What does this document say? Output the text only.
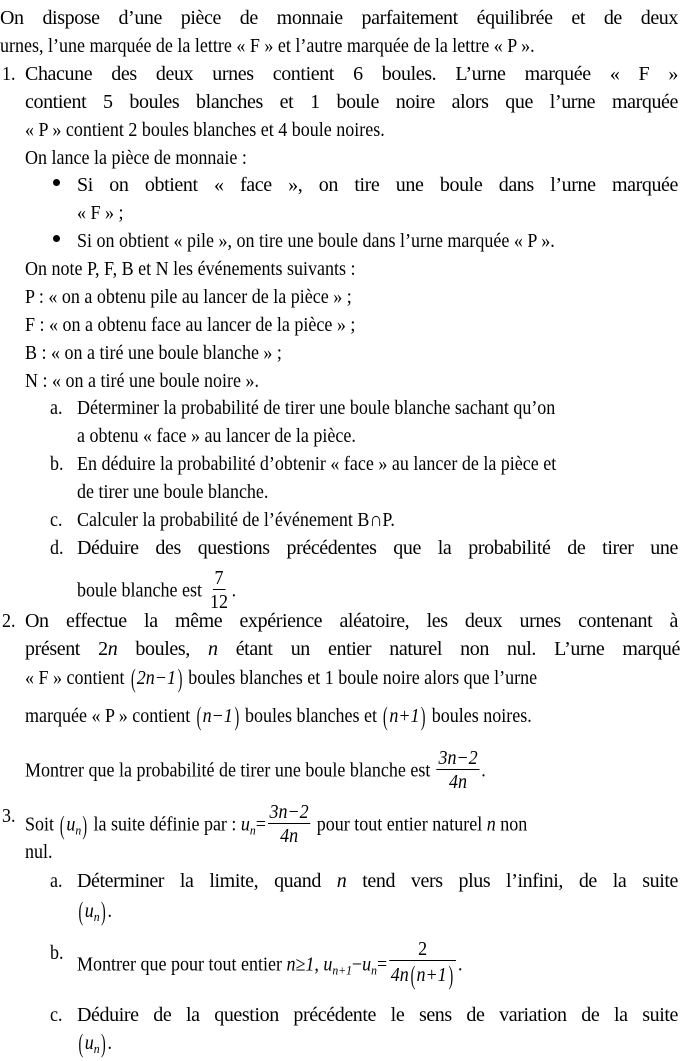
On dispose d’une pièce de monnaie parfaitement équilibrée et de deux
urnes, l’une marquée de la lettre « F » et l’autre marquée de la lettre « P ».
1. Chacune des deux urnes contient 6 boules. L’urne marquée « F »
contient 5 boules blanches et 1 boule noire alors que l’urne marquée
« P » contient 2 boules blanches et 4 boule noires.
On lance la pièce de monnaie :
Si on obtient « face », on tire une boule dans l’urne marquée
« F » ;
Si on obtient « pile », on tire une boule dans l’urne marquée « P ».
On note P, F, B et N les événements suivants :
P : « on a obtenu pile au lancer de la pièce » ;
F : « on a obtenu face au lancer de la pièce » ;
B : « on a tiré une boule blanche » ;
N : « on a tiré une boule noire ».
a. Déterminer la probabilité de tirer une boule blanche sachant qu’on
a obtenu « face » au lancer de la pièce.
b. En déduire la probabilité d’obtenir « face » au lancer de la pièce et
de tirer une boule blanche.
c. Calculer la probabilité de l’événement B∩P.
d. Déduire des questions précédentes que la probabilité de tirer une
boule blanche est $\frac{7}{12}$ .
2. On effectue la même expérience aléatoire, les deux urnes contenant à
présent 2n boules, n étant un entier naturel non nul. L’urne marqué
« F » contient (2n−1) boules blanches et 1 boule noire alors que l’urne
marquée « P » contient (n−1) boules blanches et (n+1) boules noires.
Montrer que la probabilité de tirer une boule blanche est $\frac{3n-2}{4n}$ .
3. Soit $(u_n)$ la suite définie par : $u_n= \frac{3n-2}{4n}$ pour tout entier naturel n non
nul.
a. Déterminer la limite, quand n tend vers plus l’infini, de la suite
$(u_n)$.
b.
Montrer que pour tout entier n≥1, $u_{n+1}-u_n= \frac{2}{4n(n+1)}$ .
c. Déduire de la question précédente le sens de variation de la suite
$(u_n)$.
